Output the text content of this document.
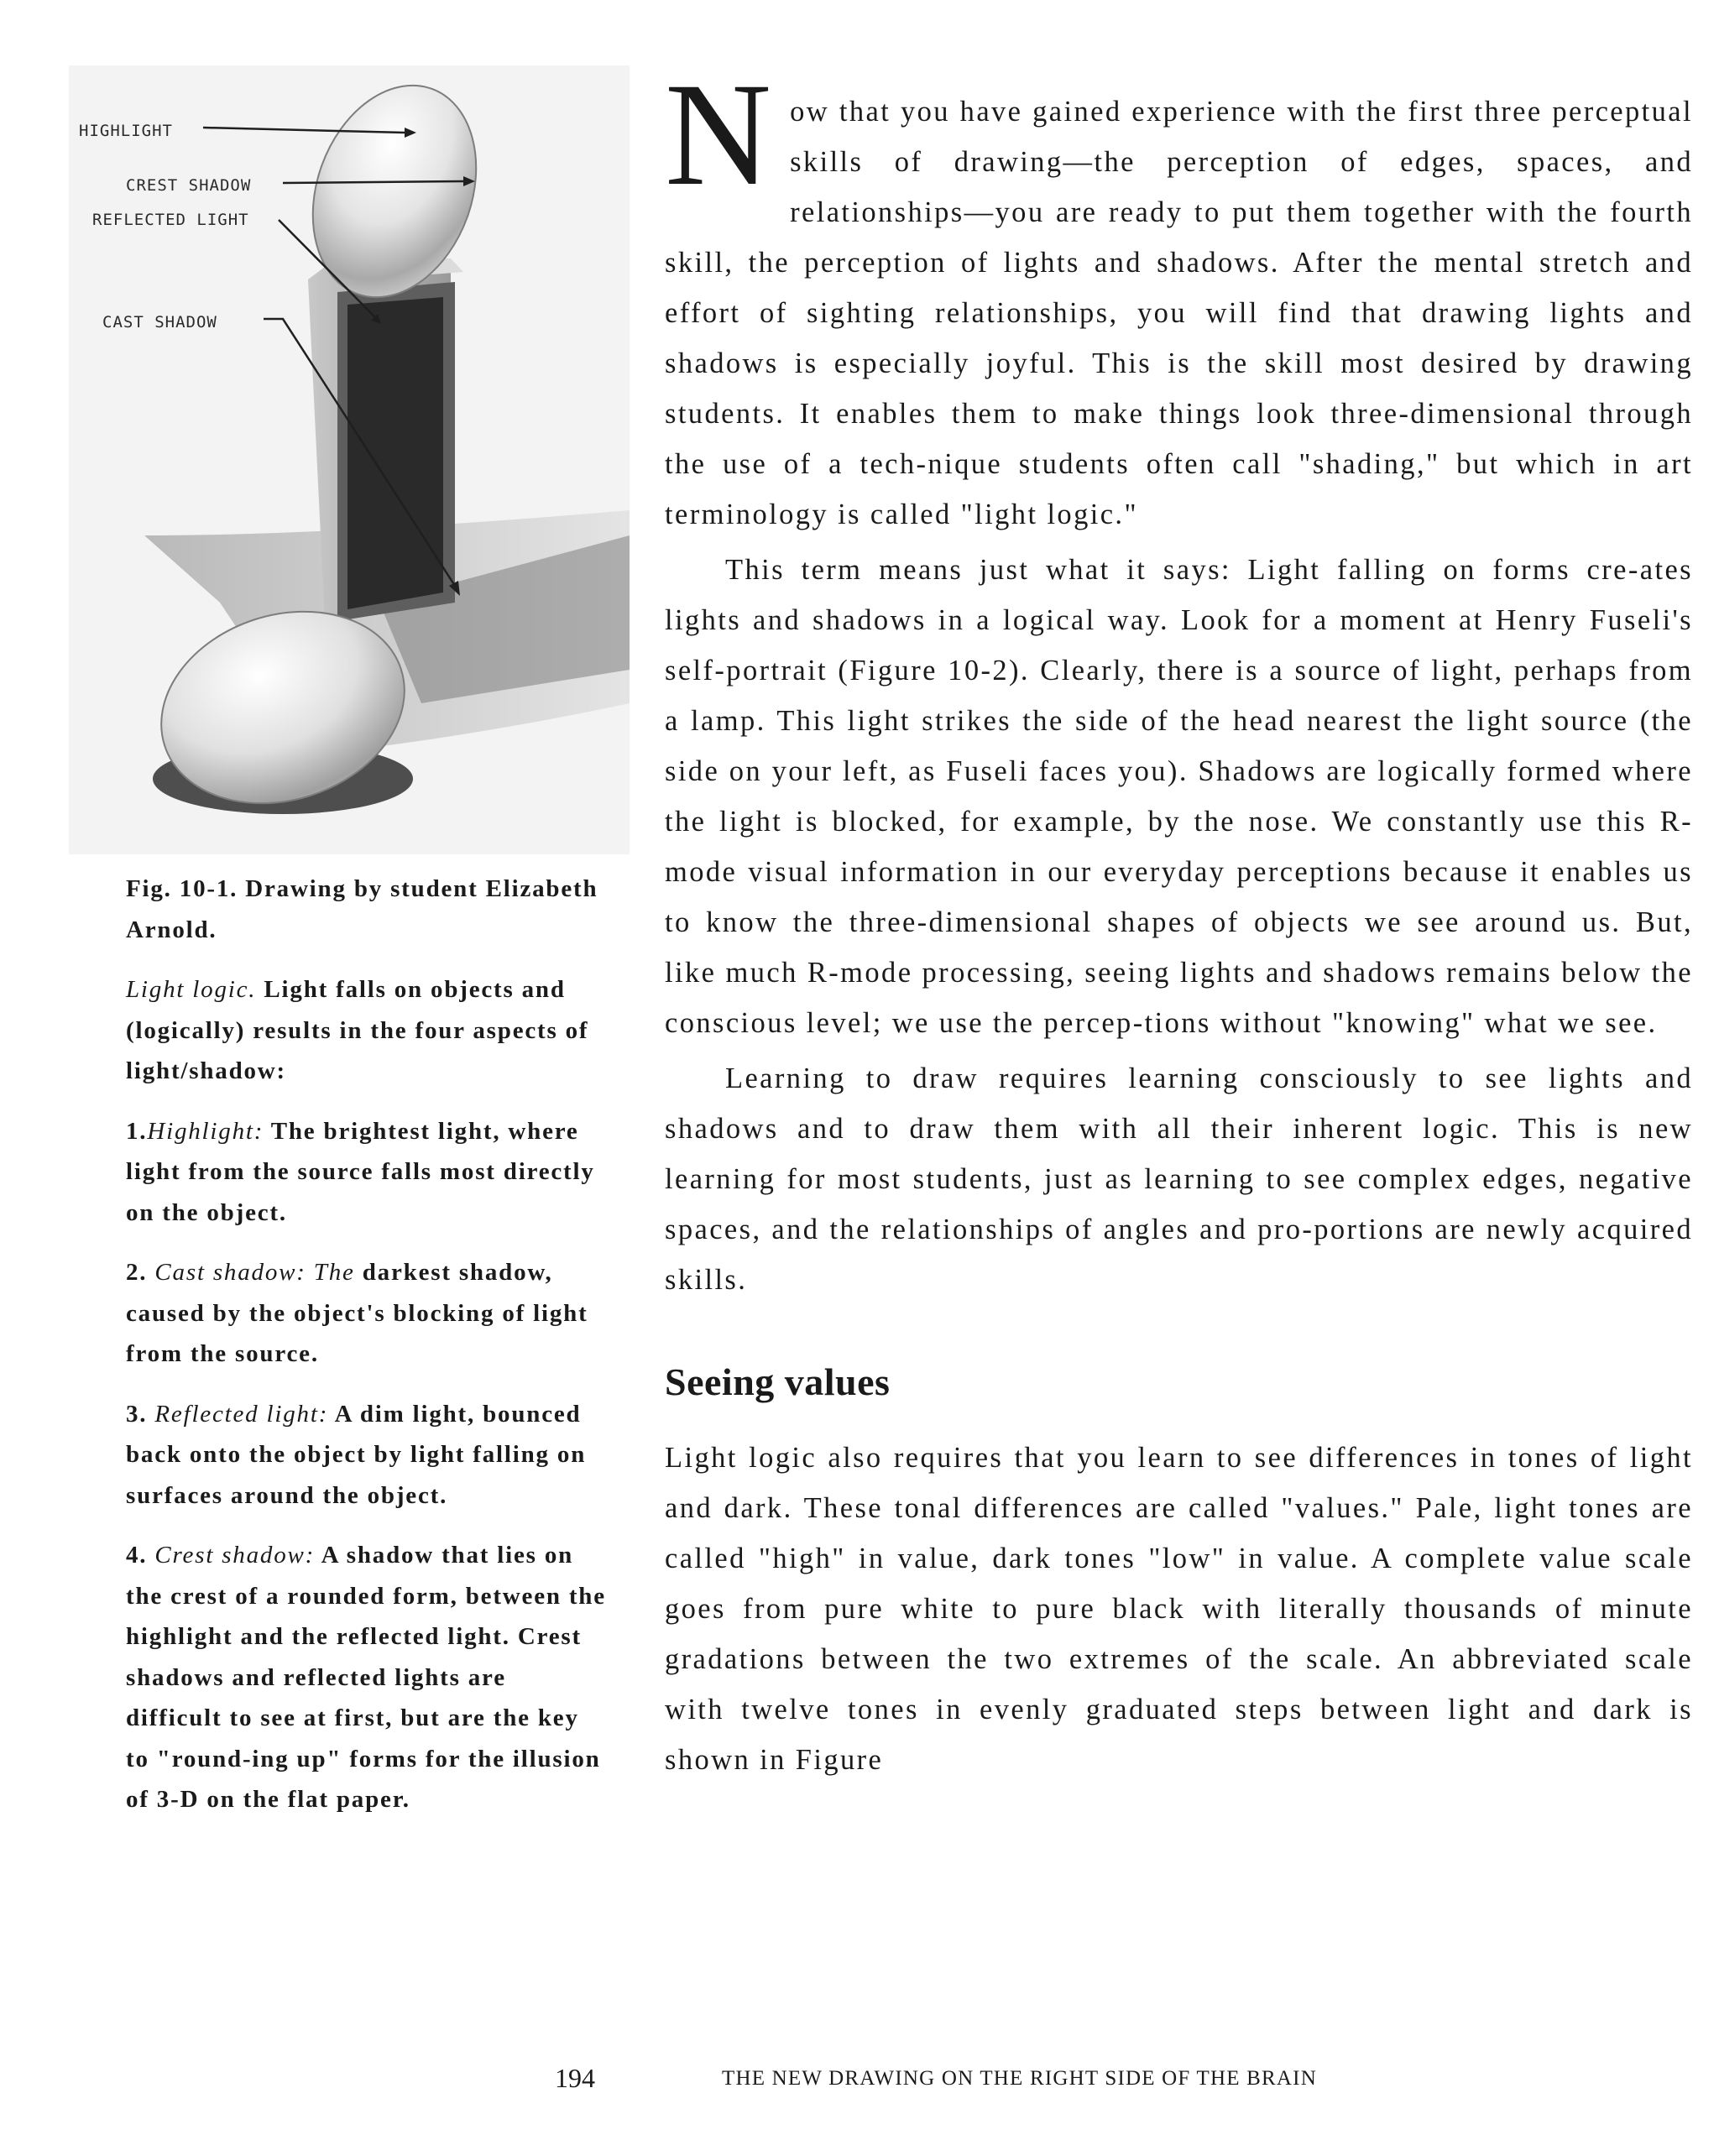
HIGHLIGHT
CREST SHADOW
REFLECTED LIGHT
CAST SHADOW

Fig. 10-1. Drawing by student Elizabeth Arnold.

Light logic. Light falls on objects and (logically) results in the four aspects of light/shadow:

1.Highlight: The brightest light, where light from the source falls most directly on the object.

2. Cast shadow: The darkest shadow, caused by the object's blocking of light from the source.

3. Reflected light: A dim light, bounced back onto the object by light falling on surfaces around the object.

4. Crest shadow: A shadow that lies on the crest of a rounded form, between the highlight and the reflected light. Crest shadows and reflected lights are difficult to see at first, but are the key to "round-ing up" forms for the illusion of 3-D on the flat paper.

Now that you have gained experience with the first three perceptual skills of drawing—the perception of edges, spaces, and relationships—you are ready to put them together with the fourth skill, the perception of lights and shadows. After the mental stretch and effort of sighting relationships, you will find that drawing lights and shadows is especially joyful. This is the skill most desired by drawing students. It enables them to make things look three-dimensional through the use of a tech-nique students often call "shading," but which in art terminology is called "light logic."

This term means just what it says: Light falling on forms cre-ates lights and shadows in a logical way. Look for a moment at Henry Fuseli's self-portrait (Figure 10-2). Clearly, there is a source of light, perhaps from a lamp. This light strikes the side of the head nearest the light source (the side on your left, as Fuseli faces you). Shadows are logically formed where the light is blocked, for example, by the nose. We constantly use this R-mode visual information in our everyday perceptions because it enables us to know the three-dimensional shapes of objects we see around us. But, like much R-mode processing, seeing lights and shadows remains below the conscious level; we use the percep-tions without "knowing" what we see.

Learning to draw requires learning consciously to see lights and shadows and to draw them with all their inherent logic. This is new learning for most students, just as learning to see complex edges, negative spaces, and the relationships of angles and pro-portions are newly acquired skills.

Seeing values

Light logic also requires that you learn to see differences in tones of light and dark. These tonal differences are called "values." Pale, light tones are called "high" in value, dark tones "low" in value. A complete value scale goes from pure white to pure black with literally thousands of minute gradations between the two extremes of the scale. An abbreviated scale with twelve tones in evenly graduated steps between light and dark is shown in Figure

194	THE NEW DRAWING ON THE RIGHT SIDE OF THE BRAIN
